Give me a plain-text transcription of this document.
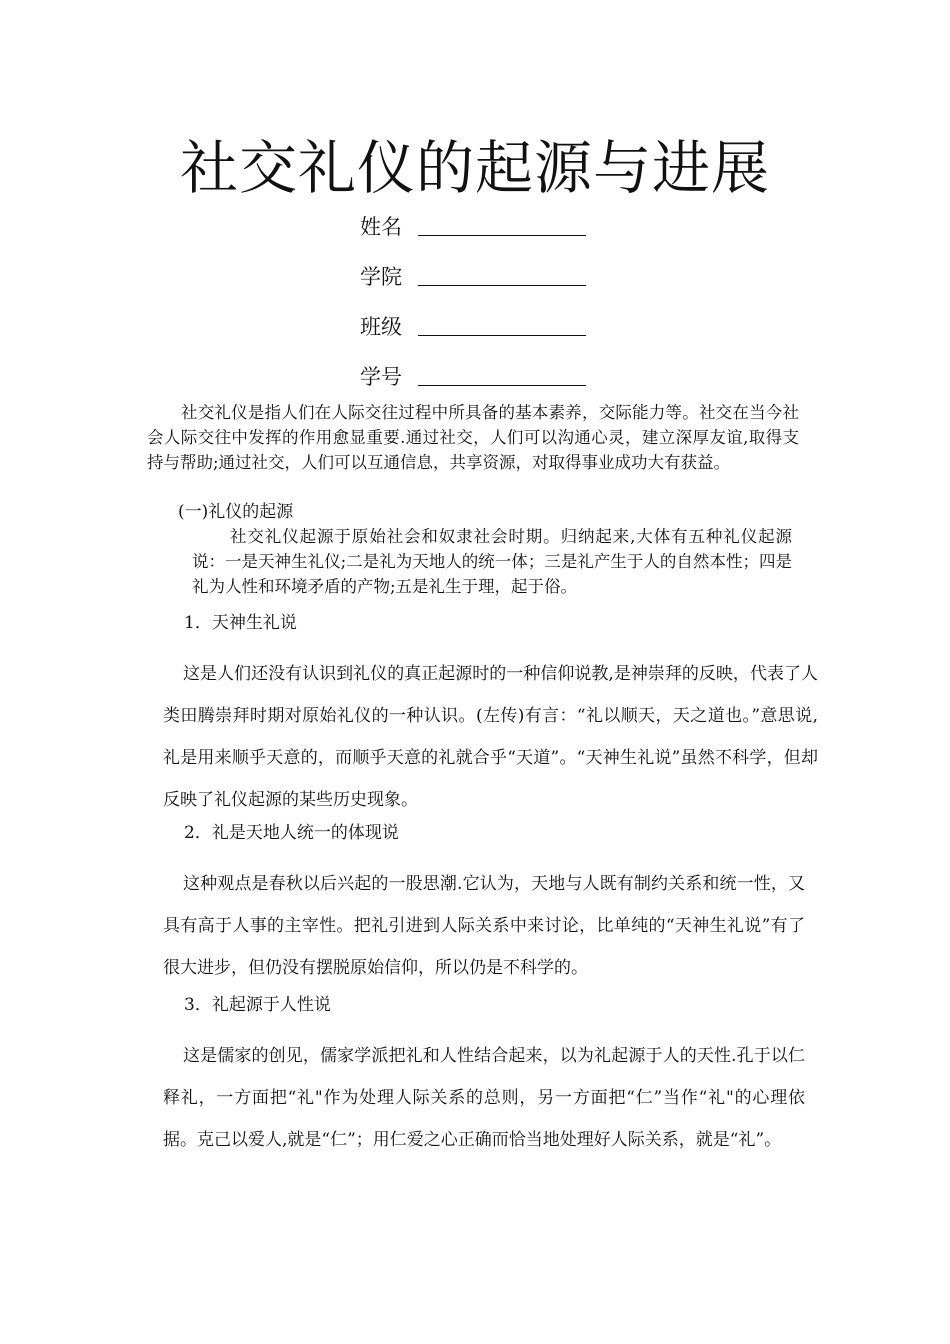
社交礼仪的起源与进展
姓名
学院
班级
学号
社交礼仪是指人们在人际交往过程中所具备的基本素养，交际能力等。社交在当今社会人际交往中发挥的作用愈显重要.通过社交，人们可以沟通心灵，建立深厚友谊,取得支持与帮助;通过社交，人们可以互通信息，共享资源，对取得事业成功大有获益。
(一)礼仪的起源
社交礼仪起源于原始社会和奴隶社会时期。归纳起来,大体有五种礼仪起源说：一是天神生礼仪;二是礼为天地人的统一体；三是礼产生于人的自然本性；四是礼为人性和环境矛盾的产物;五是礼生于理，起于俗。
1．天神生礼说
这是人们还没有认识到礼仪的真正起源时的一种信仰说教,是神崇拜的反映，代表了人类田腾崇拜时期对原始礼仪的一种认识。(左传)有言：“礼以顺天，天之道也。”意思说,礼是用来顺乎天意的，而顺乎天意的礼就合乎“天道”。“天神生礼说”虽然不科学，但却反映了礼仪起源的某些历史现象。
2．礼是天地人统一的体现说
这种观点是春秋以后兴起的一股思潮.它认为，天地与人既有制约关系和统一性，又具有高于人事的主宰性。把礼引进到人际关系中来讨论，比单纯的“天神生礼说”有了很大进步，但仍没有摆脱原始信仰，所以仍是不科学的。
3．礼起源于人性说
这是儒家的创见，儒家学派把礼和人性结合起来，以为礼起源于人的天性.孔于以仁释礼，一方面把“礼"作为处理人际关系的总则，另一方面把“仁”当作“礼"的心理依据。克己以爱人,就是“仁”；用仁爱之心正确而恰当地处理好人际关系，就是“礼”。
